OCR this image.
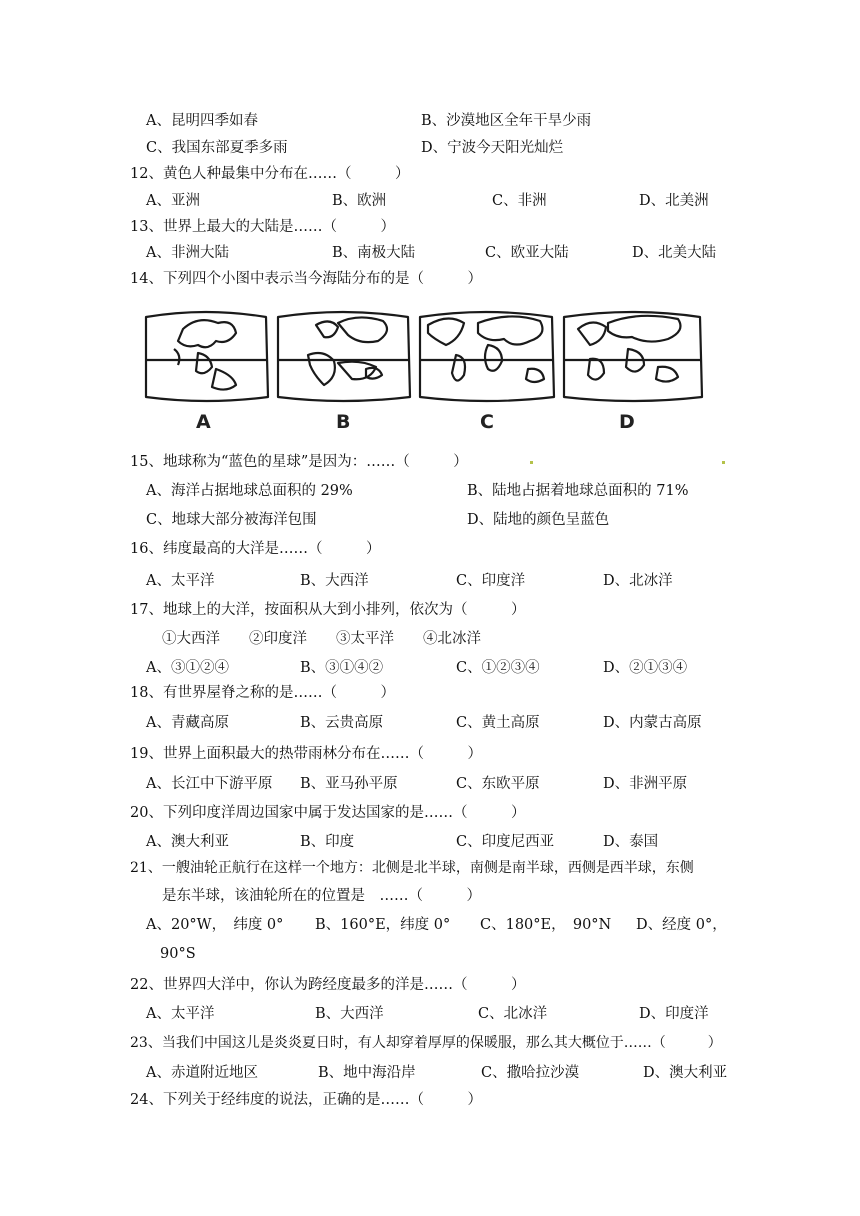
A、昆明四季如春	B、沙漠地区全年干旱少雨
C、我国东部夏季多雨	D、宁波今天阳光灿烂
12、黄色人种最集中分布在……（　　　）
A、亚洲	B、欧洲	C、非洲	D、北美洲
13、世界上最大的大陆是……（　　　）
A、非洲大陆	B、南极大陆	C、欧亚大陆	D、北美大陆
14、下列四个小图中表示当今海陆分布的是（　　　）
A	B	C	D
15、地球称为“蓝色的星球”是因为：……（　　　）
A、海洋占据地球总面积的 29%	B、陆地占据着地球总面积的 71%
C、地球大部分被海洋包围	D、陆地的颜色呈蓝色
16、纬度最高的大洋是……（　　　）
A、太平洋	B、大西洋	C、印度洋	D、北冰洋
17、地球上的大洋，按面积从大到小排列，依次为（　　　）
①大西洋　　②印度洋　　③太平洋　　④北冰洋
A、③①②④	B、③①④②	C、①②③④	D、②①③④
18、有世界屋脊之称的是……（　　　）
A、青藏高原	B、云贵高原	C、黄土高原	D、内蒙古高原
19、世界上面积最大的热带雨林分布在……（　　　）
A、长江中下游平原 B、亚马孙平原	C、东欧平原	D、非洲平原
20、下列印度洋周边国家中属于发达国家的是……（　　　）
A、澳大利亚	B、印度	C、印度尼西亚	D、泰国
21、一艘油轮正航行在这样一个地方：北侧是北半球，南侧是南半球，西侧是西半球，东侧
是东半球，该油轮所在的位置是　……（　　　）
A、20°W，　纬度 0° B、160°E，纬度 0° C、180°E，　90°N D、经度 0°，
90°S
22、世界四大洋中，你认为跨经度最多的洋是……（　　　）
A、太平洋	B、大西洋	C、北冰洋	D、印度洋
23、当我们中国这儿是炎炎夏日时，有人却穿着厚厚的保暖服，那么其大概位于……（　　　）
A、赤道附近地区	B、地中海沿岸	C、撒哈拉沙漠	D、澳大利亚
24、下列关于经纬度的说法，正确的是……（　　　）
